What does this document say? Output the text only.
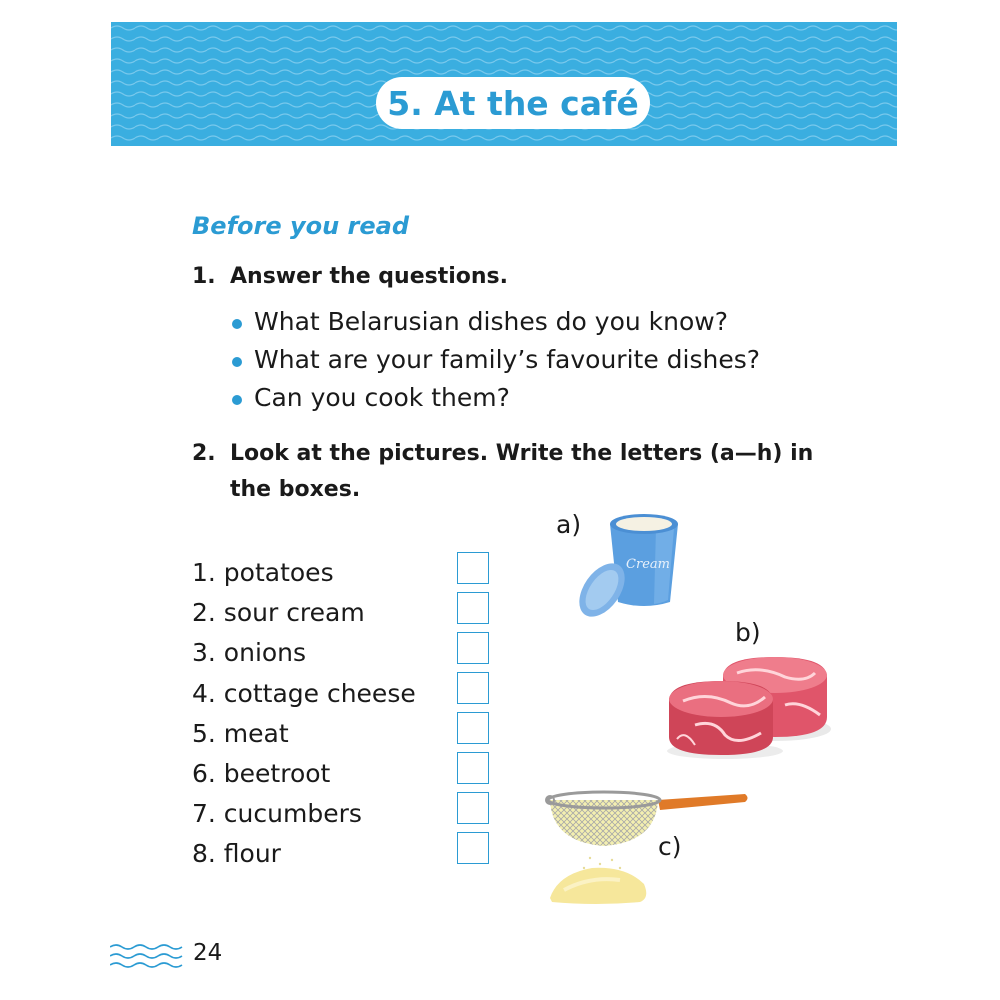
5. At the café
Before you read
1. Answer the questions.
What Belarusian dishes do you know?
What are your family’s favourite dishes?
Can you cook them?
2. Look at the pictures. Write the letters (a—h) in
the boxes.
1. potatoes
2. sour cream
3. onions
4. cottage cheese
5. meat
6. beetroot
7. cucumbers
8. flour
a)
Cream
b)
c)
24
